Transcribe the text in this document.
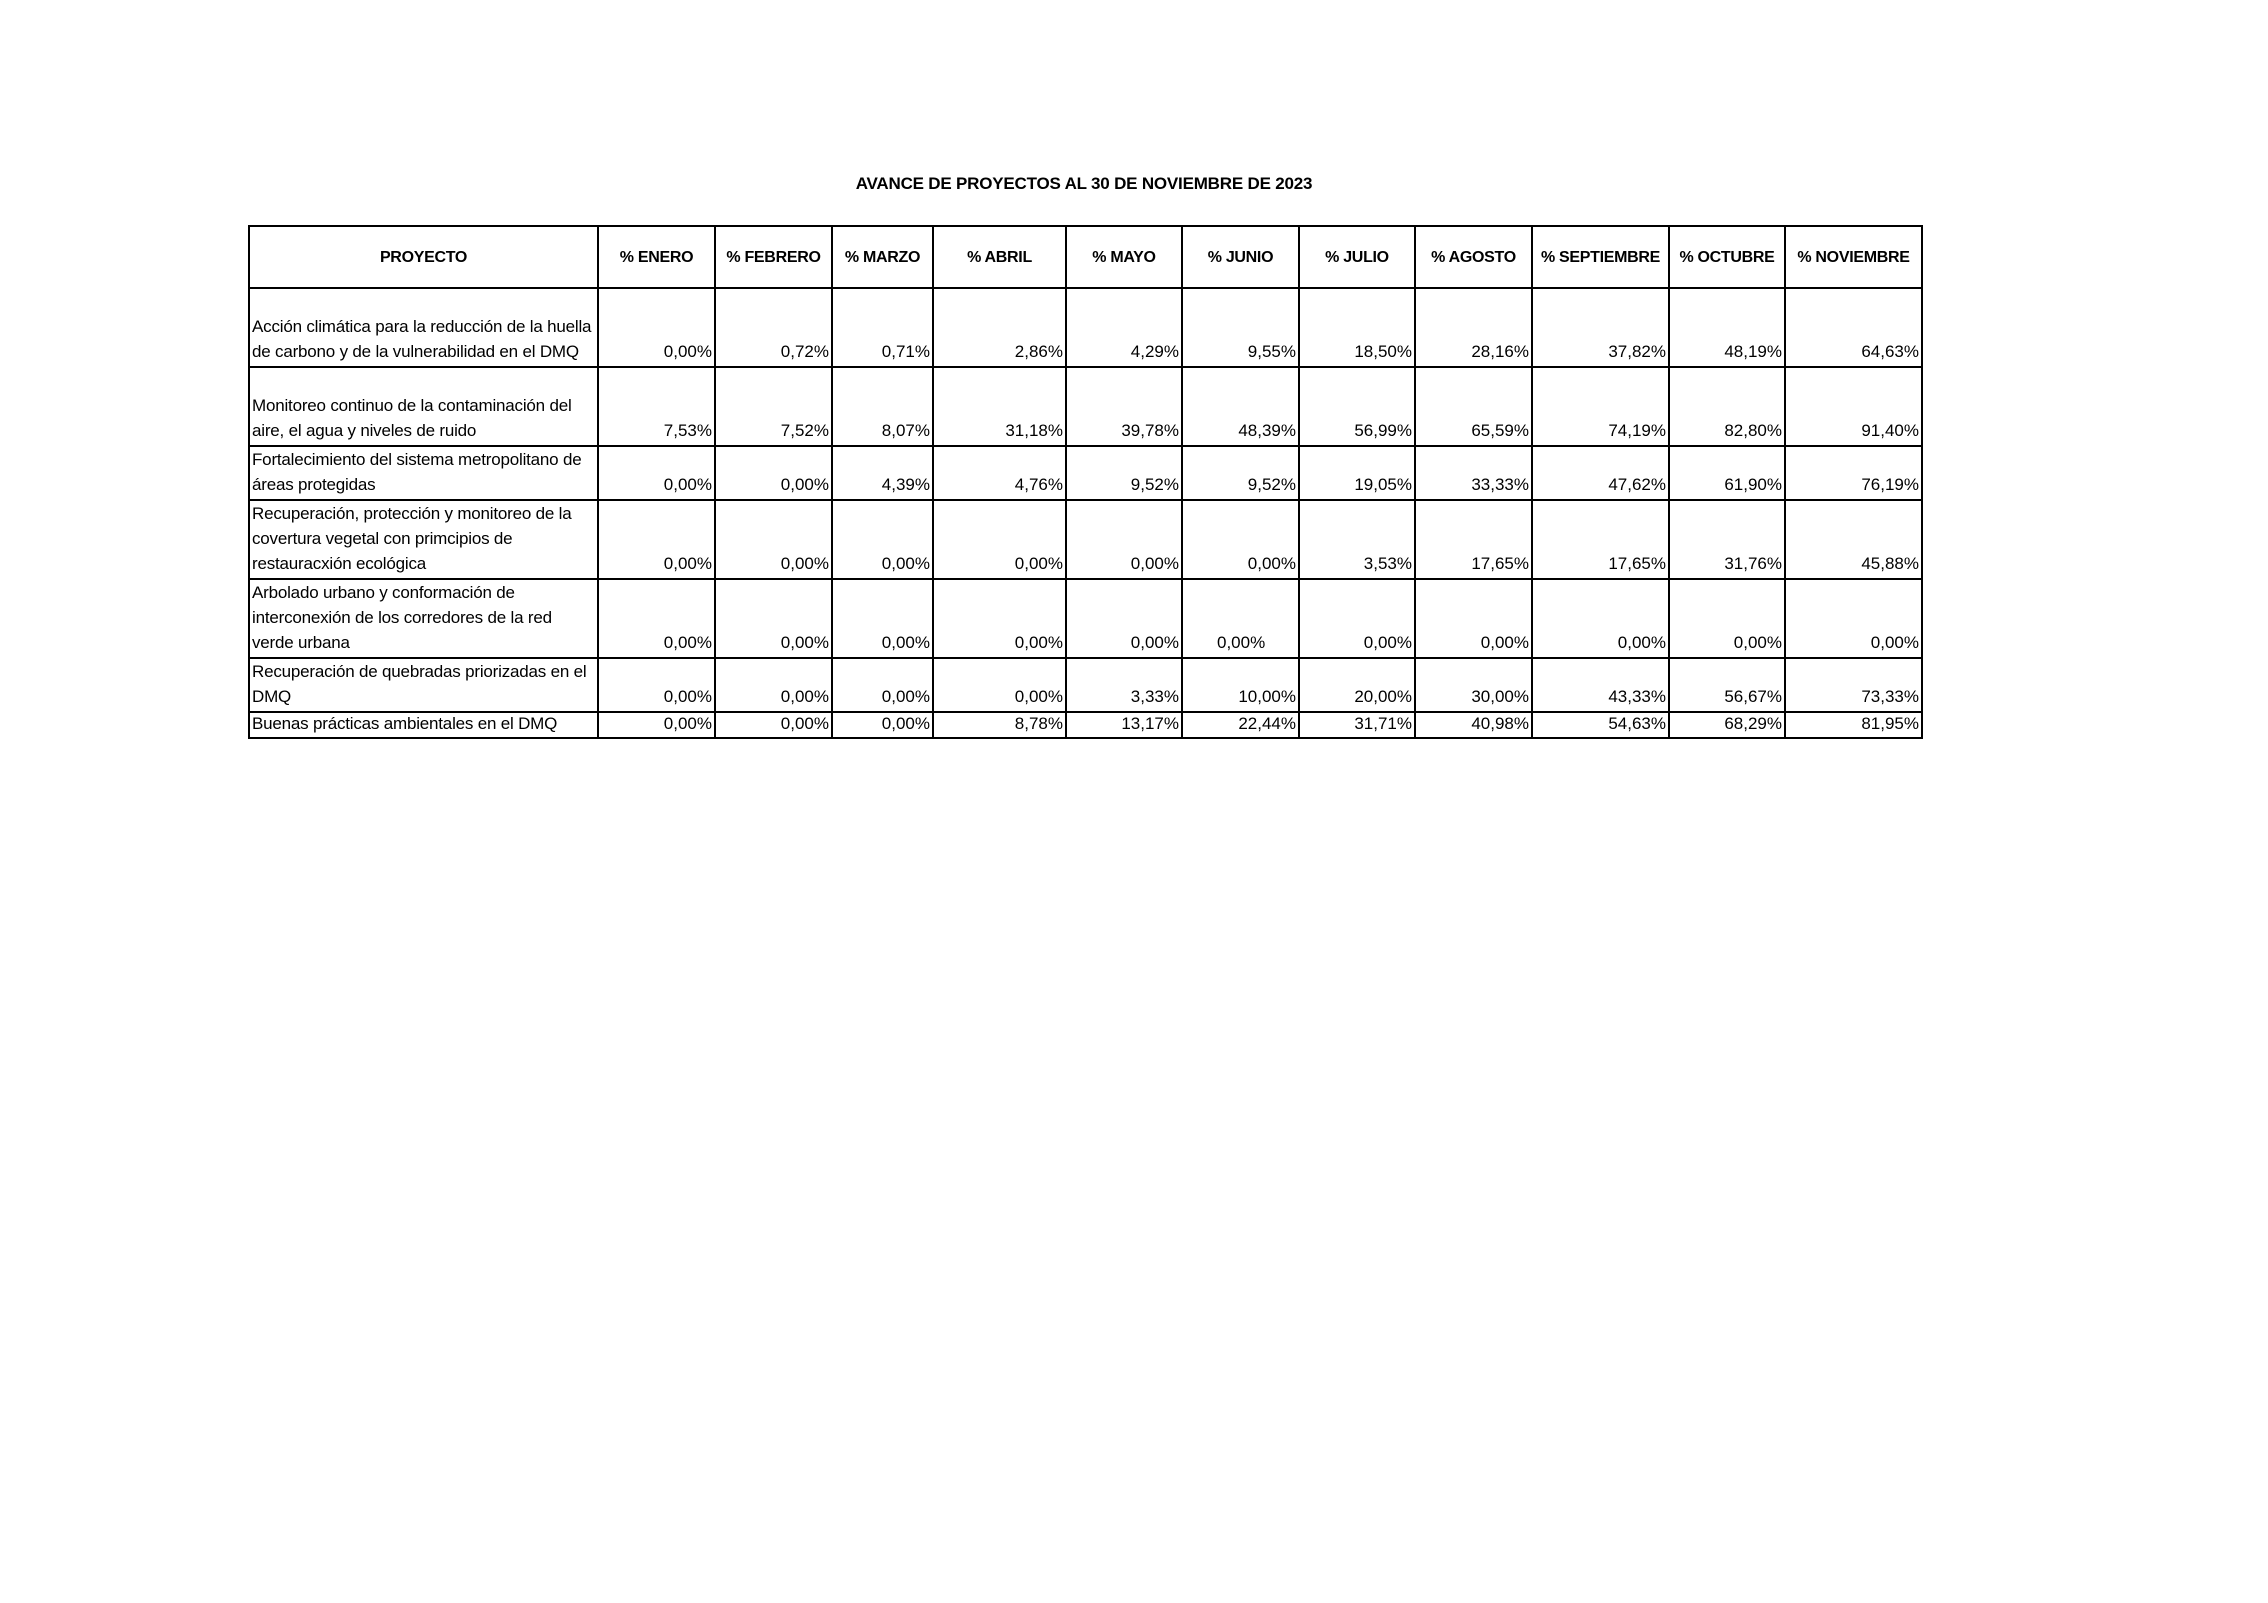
AVANCE DE PROYECTOS AL 30 DE NOVIEMBRE DE 2023
PROYECTO	% ENERO	% FEBRERO	% MARZO	% ABRIL	% MAYO	% JUNIO	% JULIO	% AGOSTO	% SEPTIEMBRE	% OCTUBRE	% NOVIEMBRE
Acción climática para la reducción de la huella de carbono y de la vulnerabilidad en el DMQ	0,00%	0,72%	0,71%	2,86%	4,29%	9,55%	18,50%	28,16%	37,82%	48,19%	64,63%
Monitoreo continuo de la contaminación del aire, el agua y niveles de ruido	7,53%	7,52%	8,07%	31,18%	39,78%	48,39%	56,99%	65,59%	74,19%	82,80%	91,40%
Fortalecimiento del sistema metropolitano de áreas protegidas	0,00%	0,00%	4,39%	4,76%	9,52%	9,52%	19,05%	33,33%	47,62%	61,90%	76,19%
Recuperación, protección y monitoreo de la covertura vegetal con primcipios de restauracxión ecológica	0,00%	0,00%	0,00%	0,00%	0,00%	0,00%	3,53%	17,65%	17,65%	31,76%	45,88%
Arbolado urbano y conformación de interconexión de los corredores de la red verde urbana	0,00%	0,00%	0,00%	0,00%	0,00%	0,00%	0,00%	0,00%	0,00%	0,00%	0,00%
Recuperación de quebradas priorizadas en el DMQ	0,00%	0,00%	0,00%	0,00%	3,33%	10,00%	20,00%	30,00%	43,33%	56,67%	73,33%
Buenas prácticas ambientales en el DMQ	0,00%	0,00%	0,00%	8,78%	13,17%	22,44%	31,71%	40,98%	54,63%	68,29%	81,95%
